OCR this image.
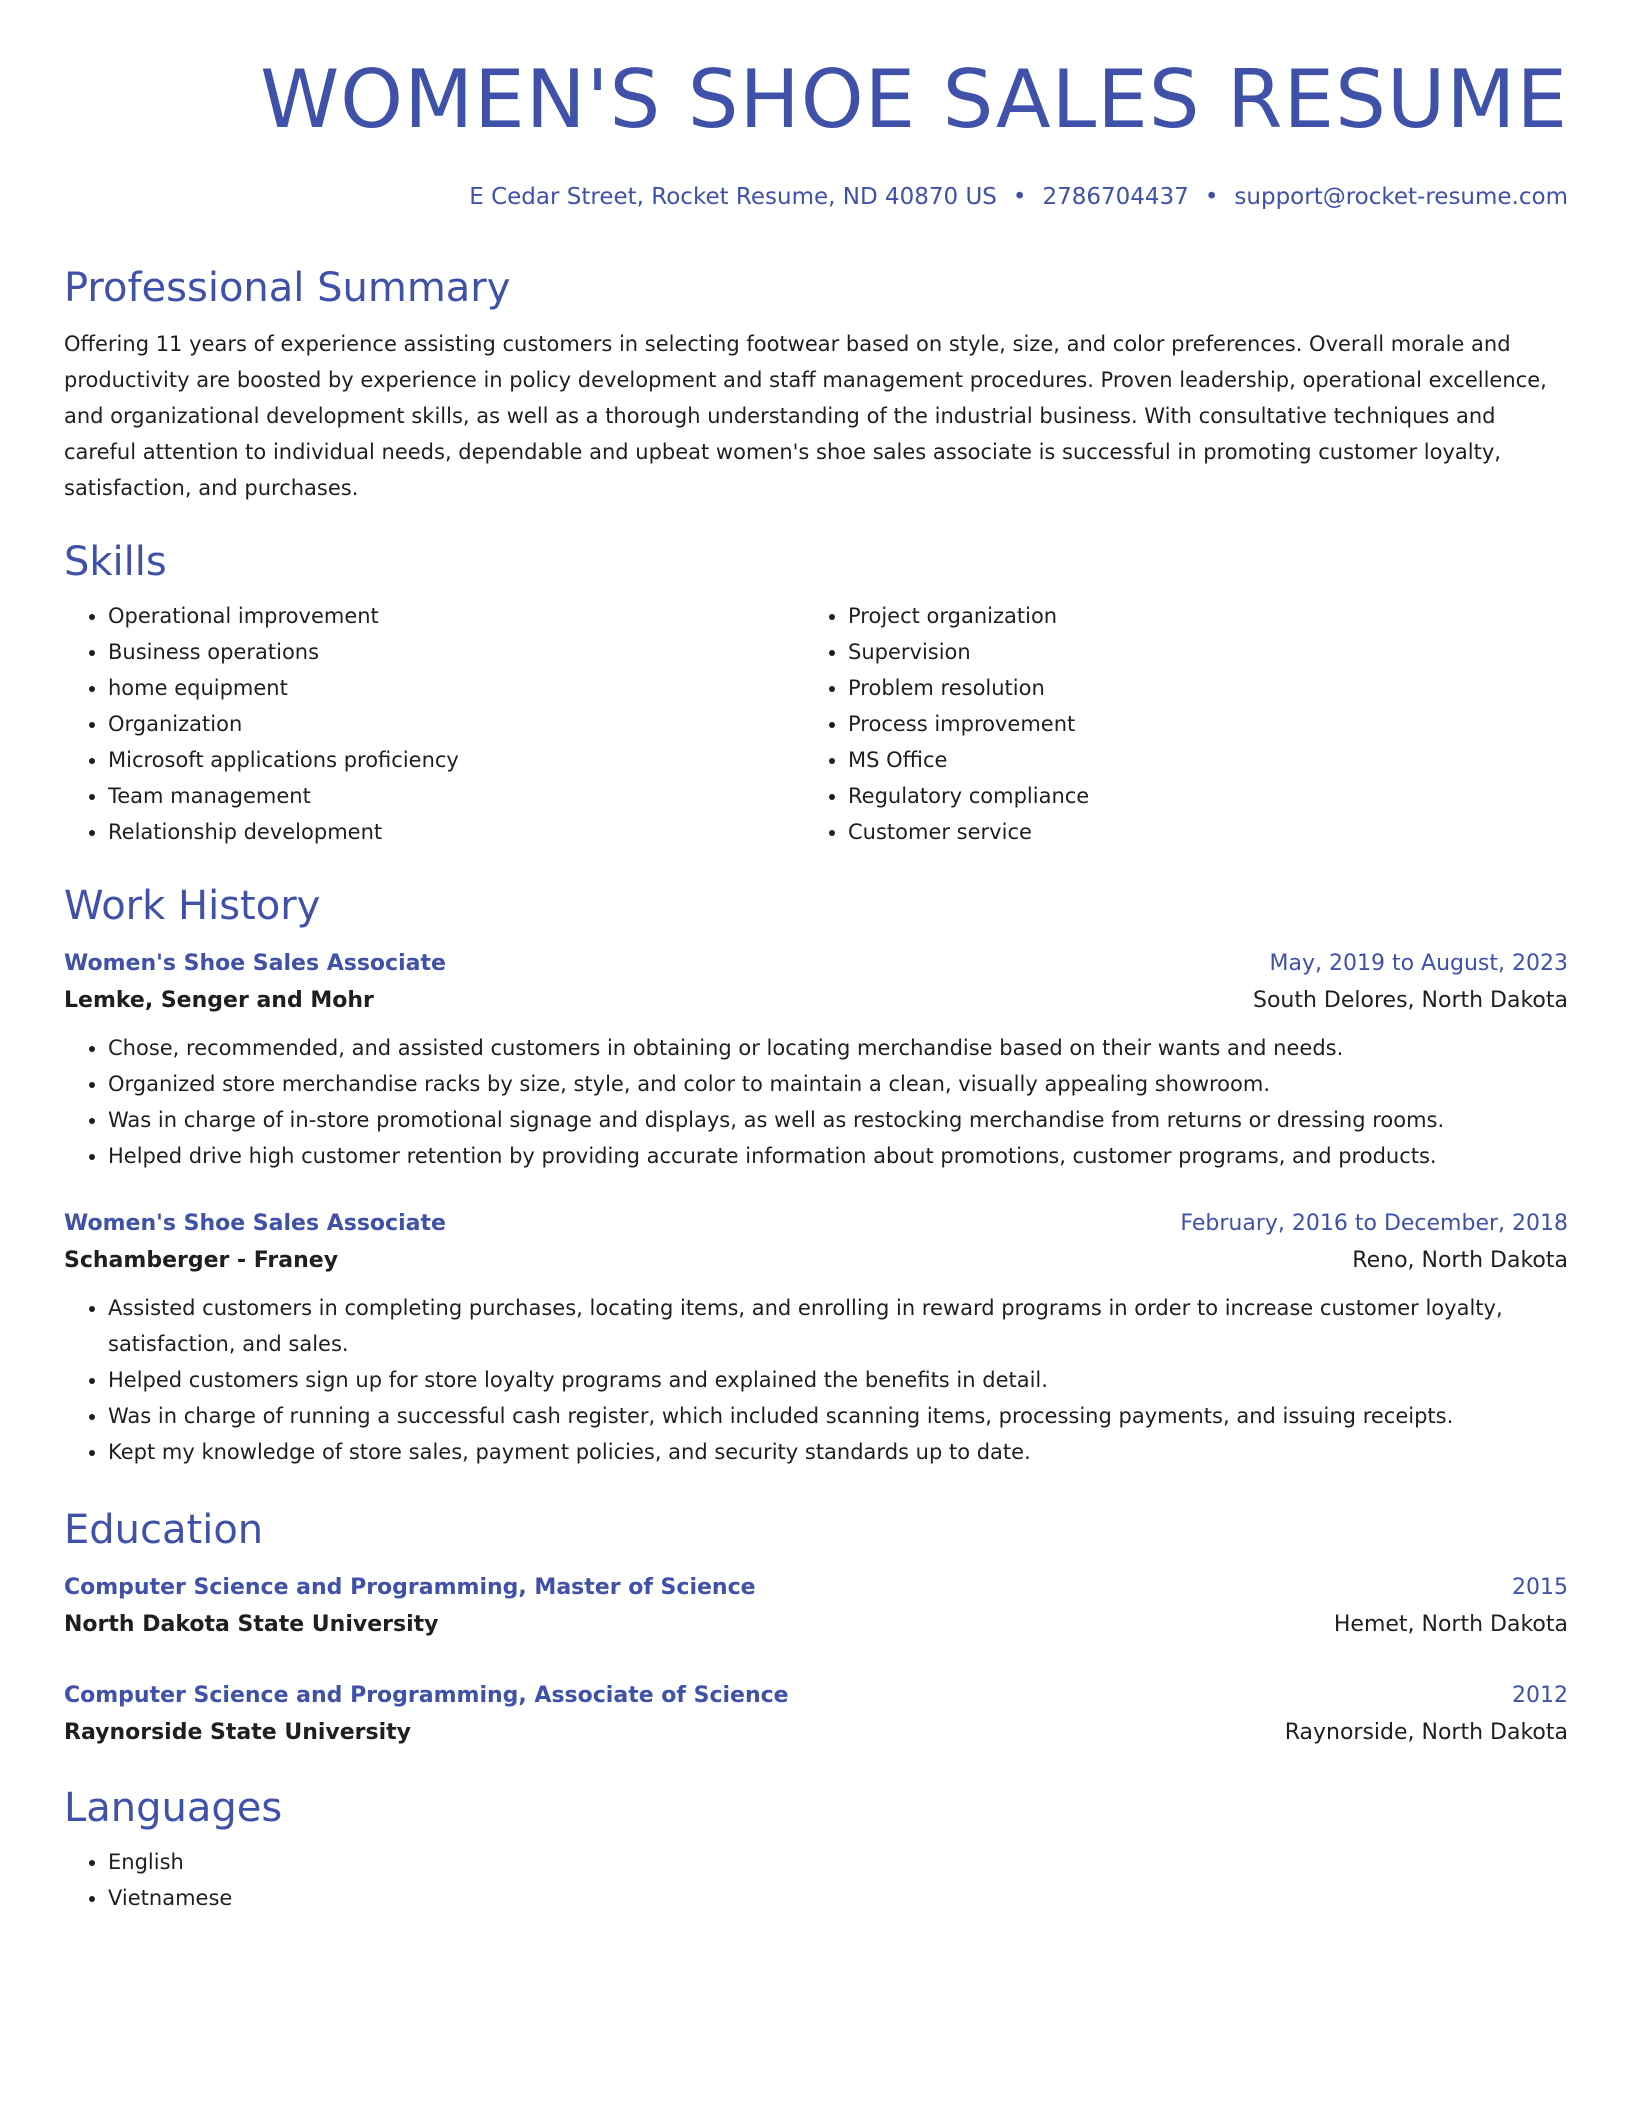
WOMEN'S SHOE SALES RESUME
E Cedar Street, Rocket Resume, ND 40870 US • 2786704437 • support@rocket-resume.com
Professional Summary
Offering 11 years of experience assisting customers in selecting footwear based on style, size, and color preferences. Overall morale and productivity are boosted by experience in policy development and staff management procedures. Proven leadership, operational excellence, and organizational development skills, as well as a thorough understanding of the industrial business. With consultative techniques and careful attention to individual needs, dependable and upbeat women's shoe sales associate is successful in promoting customer loyalty, satisfaction, and purchases.
Skills
• Operational improvement
• Business operations
• home equipment
• Organization
• Microsoft applications proficiency
• Team management
• Relationship development
• Project organization
• Supervision
• Problem resolution
• Process improvement
• MS Office
• Regulatory compliance
• Customer service
Work History
Women's Shoe Sales Associate	May, 2019 to August, 2023
Lemke, Senger and Mohr	South Delores, North Dakota
• Chose, recommended, and assisted customers in obtaining or locating merchandise based on their wants and needs.
• Organized store merchandise racks by size, style, and color to maintain a clean, visually appealing showroom.
• Was in charge of in-store promotional signage and displays, as well as restocking merchandise from returns or dressing rooms.
• Helped drive high customer retention by providing accurate information about promotions, customer programs, and products.
Women's Shoe Sales Associate	February, 2016 to December, 2018
Schamberger - Franey	Reno, North Dakota
• Assisted customers in completing purchases, locating items, and enrolling in reward programs in order to increase customer loyalty, satisfaction, and sales.
• Helped customers sign up for store loyalty programs and explained the benefits in detail.
• Was in charge of running a successful cash register, which included scanning items, processing payments, and issuing receipts.
• Kept my knowledge of store sales, payment policies, and security standards up to date.
Education
Computer Science and Programming, Master of Science	2015
North Dakota State University	Hemet, North Dakota
Computer Science and Programming, Associate of Science	2012
Raynorside State University	Raynorside, North Dakota
Languages
• English
• Vietnamese
